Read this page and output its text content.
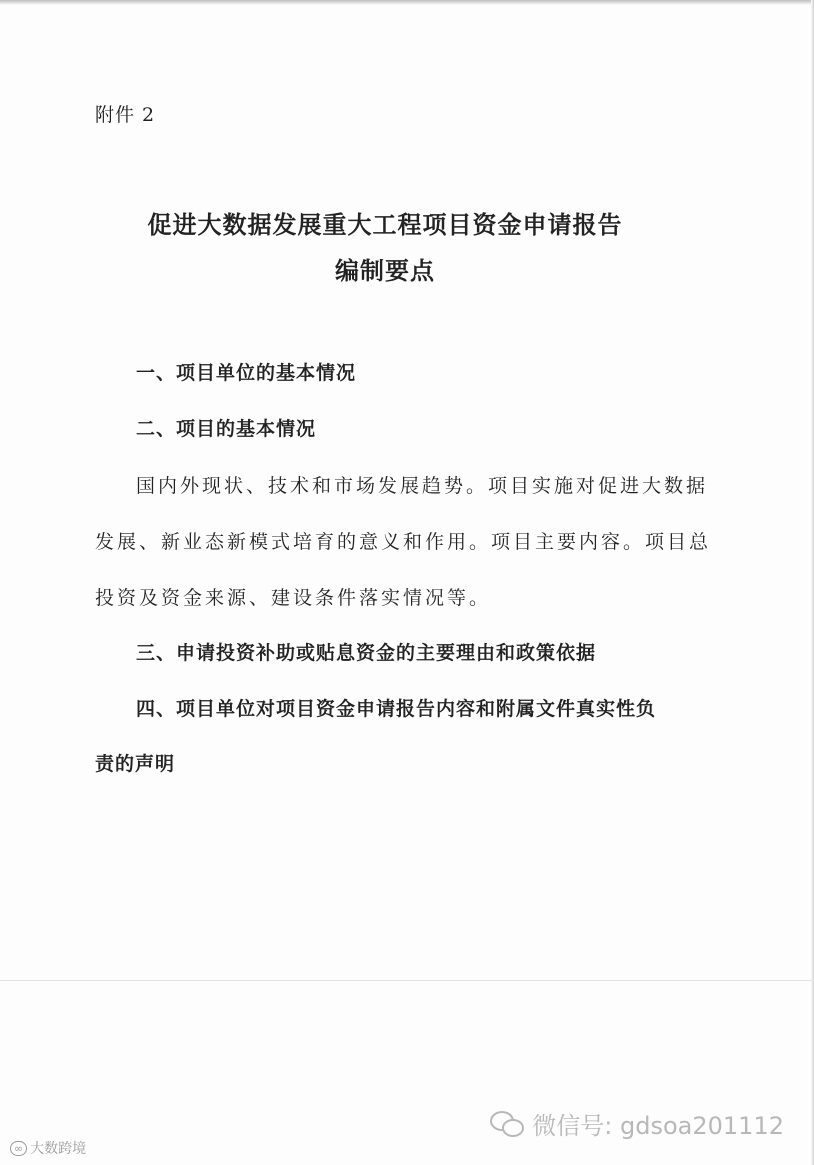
附件 2
促进大数据发展重大工程项目资金申请报告
编制要点
一、项目单位的基本情况
二、项目的基本情况
国内外现状、技术和市场发展趋势。项目实施对促进大数据
发展、新业态新模式培育的意义和作用。项目主要内容。项目总
投资及资金来源、建设条件落实情况等。
三、申请投资补助或贴息资金的主要理由和政策依据
四、项目单位对项目资金申请报告内容和附属文件真实性负
责的声明
微信号: gdsoa201112
∞ 大数跨境
